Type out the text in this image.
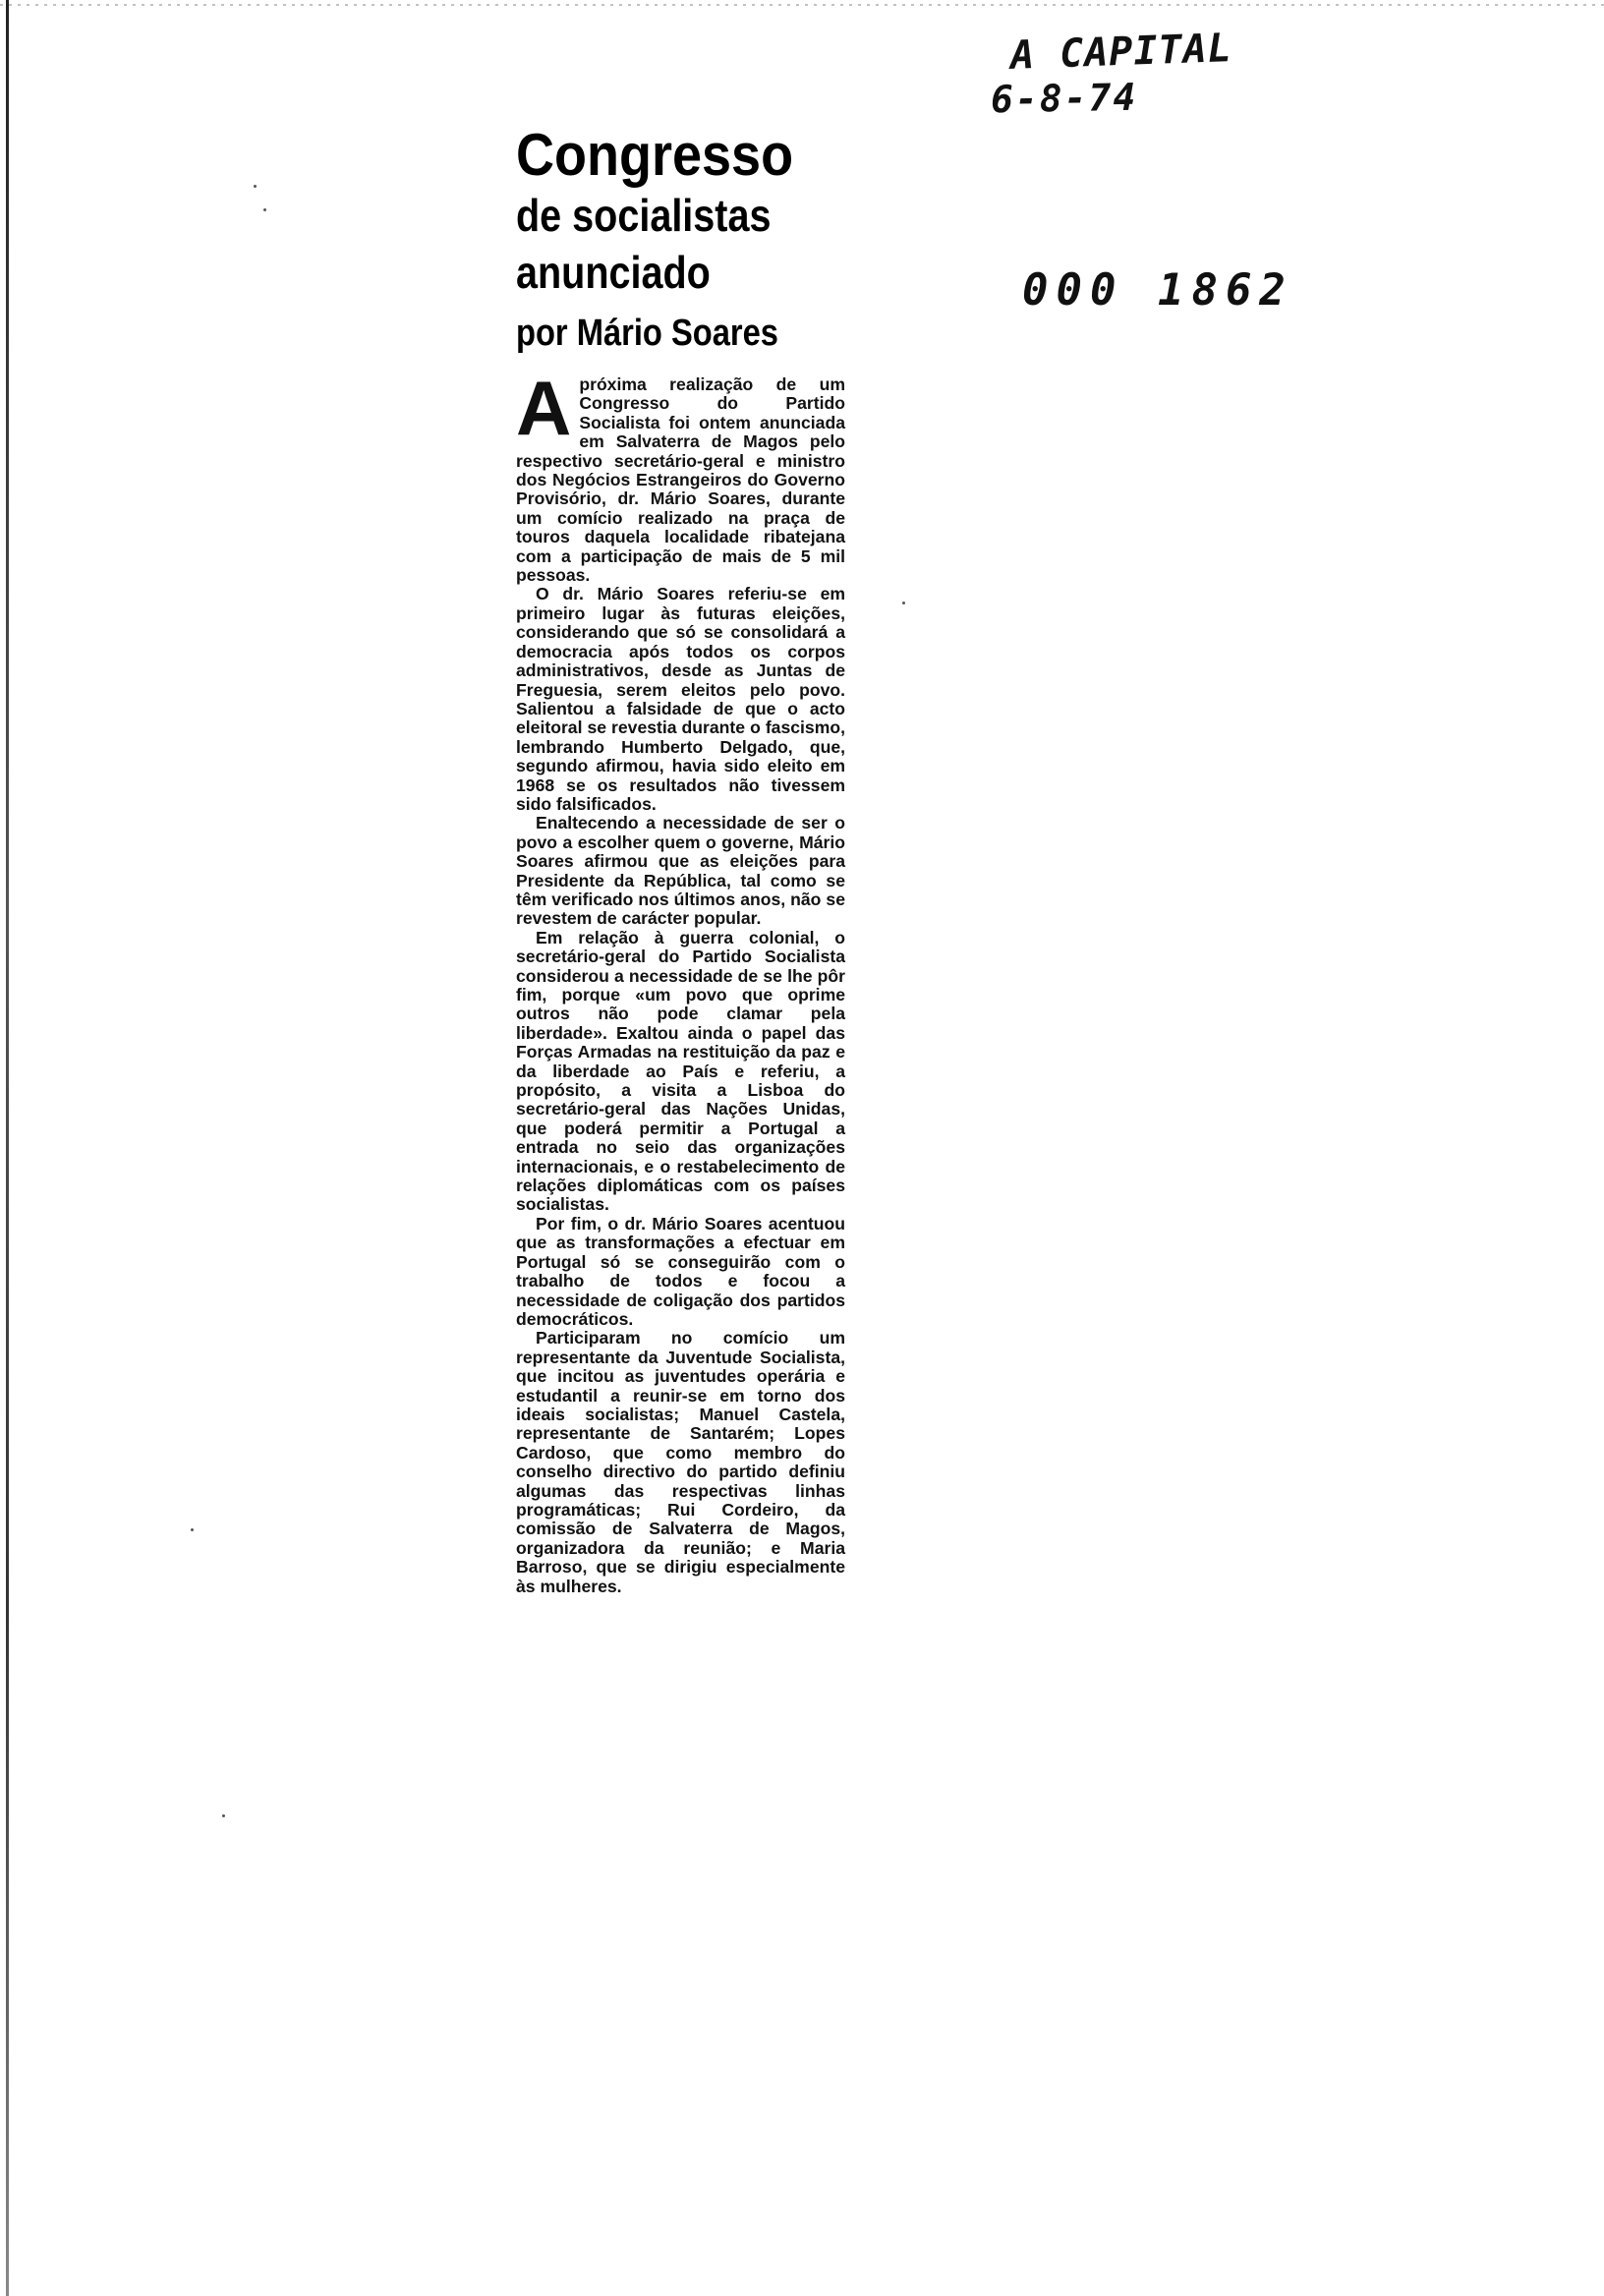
A CAPITAL
6-8-74
000 1862
Congresso
de socialistas
anunciado
por Mário Soares

Apróxima realização de um Congresso do Partido Socialista foi ontem anunciada em Salvaterra de Magos pelo respectivo secretário-geral e ministro dos Negócios Estrangeiros do Governo Provisório, dr. Mário Soares, durante um comício realizado na praça de touros daquela localidade ribatejana com a participação de mais de 5 mil pessoas.

O dr. Mário Soares referiu-se em primeiro lugar às futuras eleições, considerando que só se consolidará a democracia após todos os corpos administrativos, desde as Juntas de Freguesia, serem eleitos pelo povo. Salientou a falsidade de que o acto eleitoral se revestia durante o fascismo, lembrando Humberto Delgado, que, segundo afirmou, havia sido eleito em 1968 se os resultados não tivessem sido falsificados.

Enaltecendo a necessidade de ser o povo a escolher quem o governe, Mário Soares afirmou que as eleições para Presidente da República, tal como se têm verificado nos últimos anos, não se revestem de carácter popular.

Em relação à guerra colonial, o secretário-geral do Partido Socialista considerou a necessidade de se lhe pôr fim, porque «um povo que oprime outros não pode clamar pela liberdade». Exaltou ainda o papel das Forças Armadas na restituição da paz e da liberdade ao País e referiu, a propósito, a visita a Lisboa do secretário-geral das Nações Unidas, que poderá permitir a Portugal a entrada no seio das organizações internacionais, e o restabelecimento de relações diplomáticas com os países socialistas.

Por fim, o dr. Mário Soares acentuou que as transformações a efectuar em Portugal só se conseguirão com o trabalho de todos e focou a necessidade de coligação dos partidos democráticos.

Participaram no comício um representante da Juventude Socialista, que incitou as juventudes operária e estudantil a reunir-se em torno dos ideais socialistas; Manuel Castela, representante de Santarém; Lopes Cardoso, que como membro do conselho directivo do partido definiu algumas das respectivas linhas programáticas; Rui Cordeiro, da comissão de Salvaterra de Magos, organizadora da reunião; e Maria Barroso, que se dirigiu especialmente às mulheres.
